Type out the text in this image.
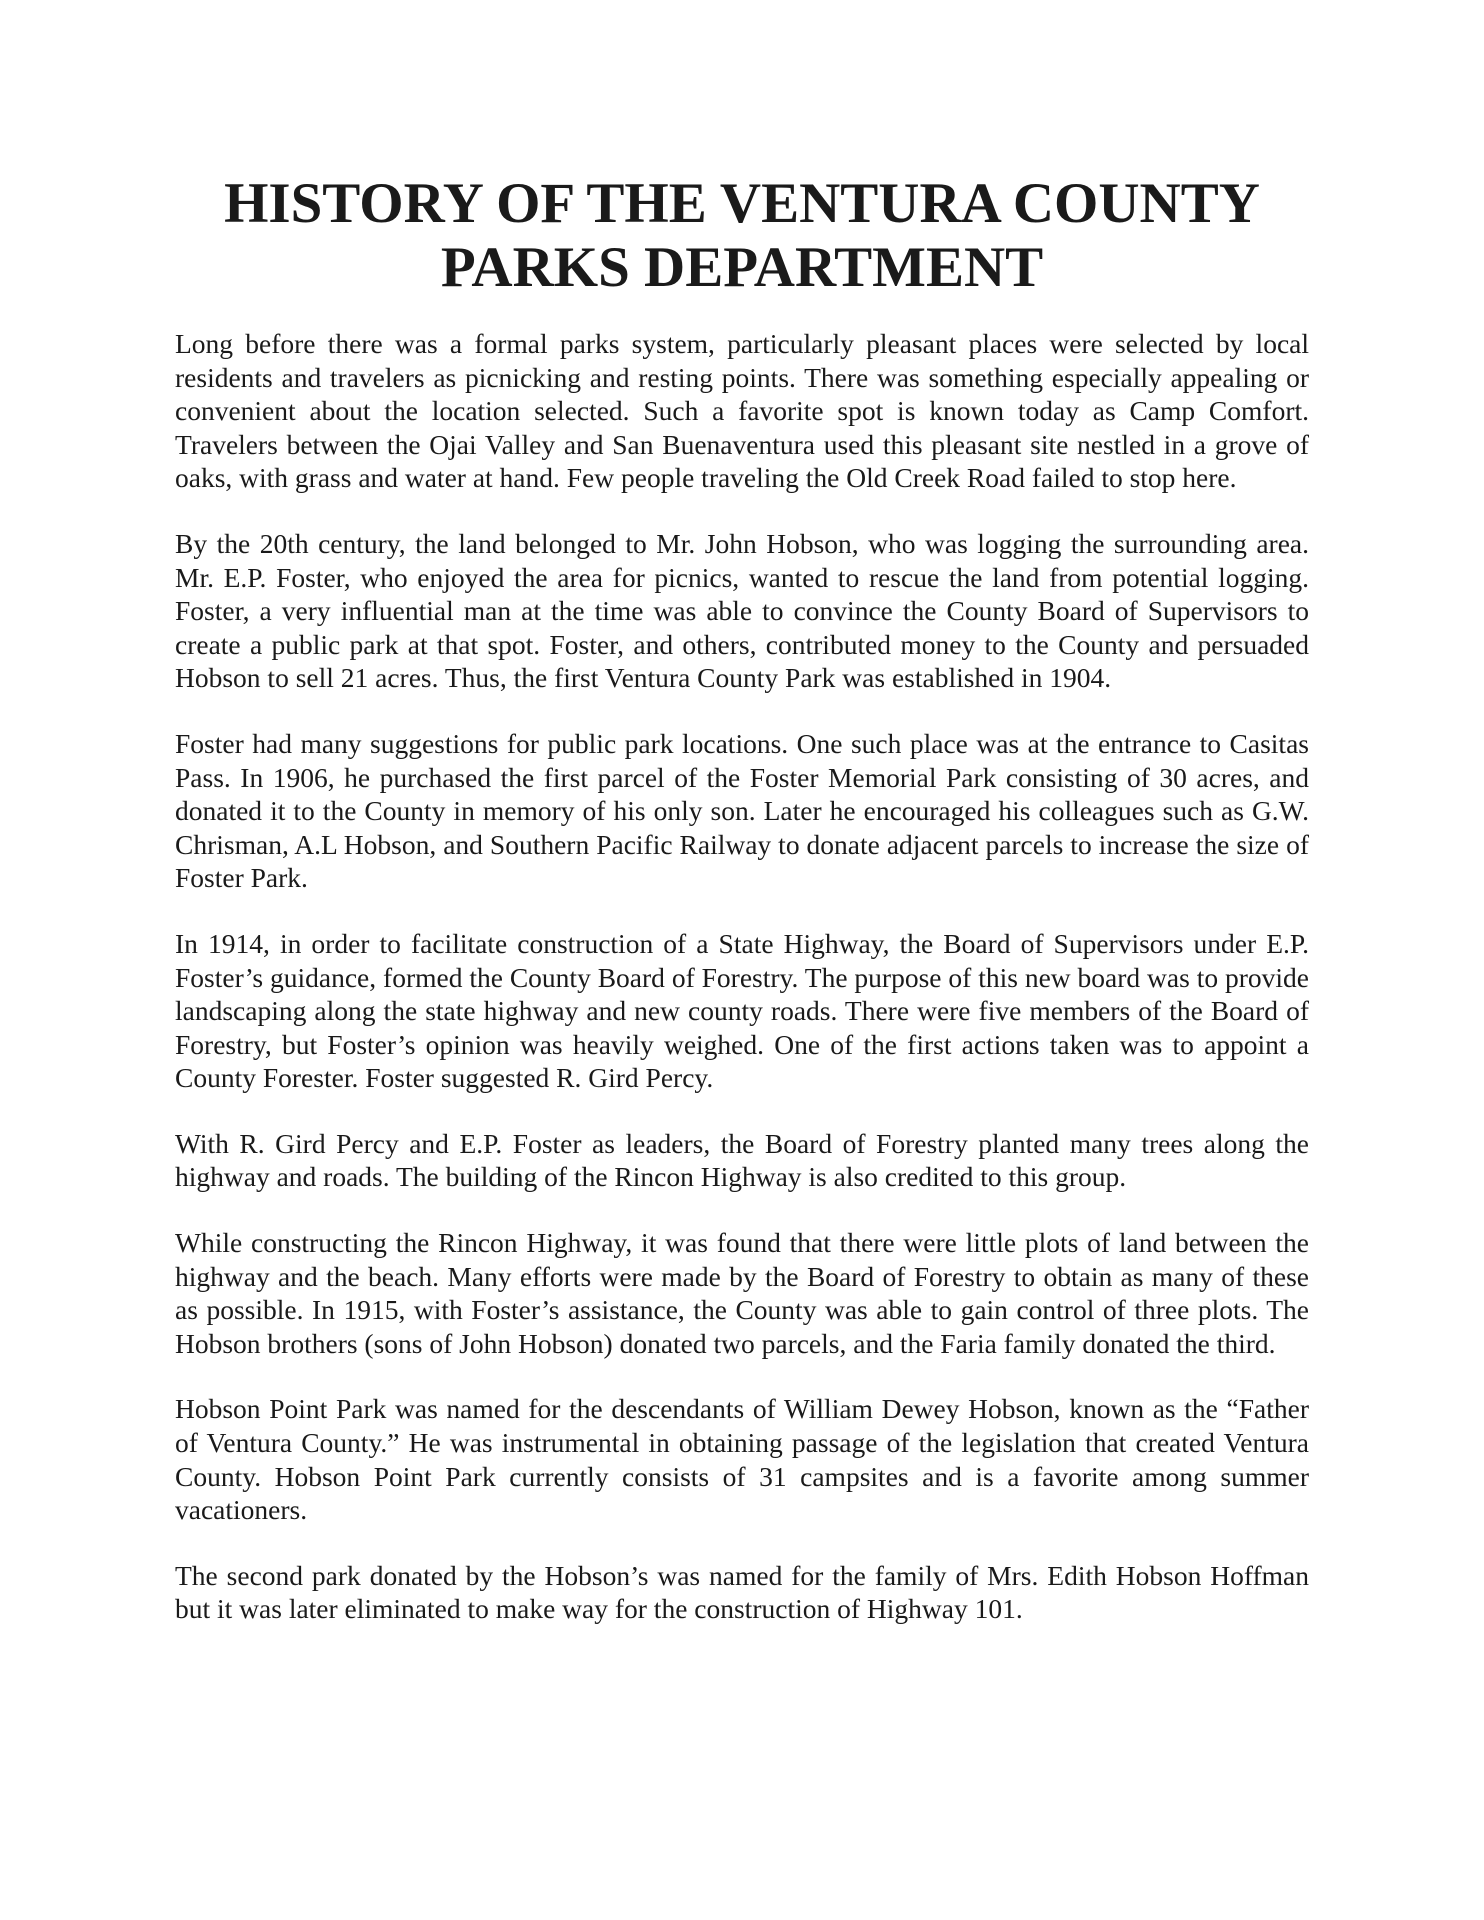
HISTORY OF THE VENTURA COUNTY
PARKS DEPARTMENT

Long before there was a formal parks system, particularly pleasant places were selected by local residents and travelers as picnicking and resting points. There was something especially appealing or convenient about the location selected. Such a favorite spot is known today as Camp Comfort. Travelers between the Ojai Valley and San Buenaventura used this pleasant site nestled in a grove of oaks, with grass and water at hand. Few people traveling the Old Creek Road failed to stop here.

By the 20th century, the land belonged to Mr. John Hobson, who was logging the surrounding area. Mr. E.P. Foster, who enjoyed the area for picnics, wanted to rescue the land from potential logging. Foster, a very influential man at the time was able to convince the County Board of Supervisors to create a public park at that spot. Foster, and others, contributed money to the County and persuaded Hobson to sell 21 acres. Thus, the first Ventura County Park was established in 1904.

Foster had many suggestions for public park locations. One such place was at the entrance to Casitas Pass. In 1906, he purchased the first parcel of the Foster Memorial Park consisting of 30 acres, and donated it to the County in memory of his only son. Later he encouraged his colleagues such as G.W. Chrisman, A.L Hobson, and Southern Pacific Railway to donate adjacent parcels to increase the size of Foster Park.

In 1914, in order to facilitate construction of a State Highway, the Board of Supervisors under E.P. Foster’s guidance, formed the County Board of Forestry. The purpose of this new board was to provide landscaping along the state highway and new county roads. There were five members of the Board of Forestry, but Foster’s opinion was heavily weighed. One of the first actions taken was to appoint a County Forester. Foster suggested R. Gird Percy.

With R. Gird Percy and E.P. Foster as leaders, the Board of Forestry planted many trees along the highway and roads. The building of the Rincon Highway is also credited to this group.

While constructing the Rincon Highway, it was found that there were little plots of land between the highway and the beach. Many efforts were made by the Board of Forestry to obtain as many of these as possible. In 1915, with Foster’s assistance, the County was able to gain control of three plots. The Hobson brothers (sons of John Hobson) donated two parcels, and the Faria family donated the third.

Hobson Point Park was named for the descendants of William Dewey Hobson, known as the “Father of Ventura County.” He was instrumental in obtaining passage of the legislation that created Ventura County. Hobson Point Park currently consists of 31 campsites and is a favorite among summer vacationers.

The second park donated by the Hobson’s was named for the family of Mrs. Edith Hobson Hoffman but it was later eliminated to make way for the construction of Highway 101.
